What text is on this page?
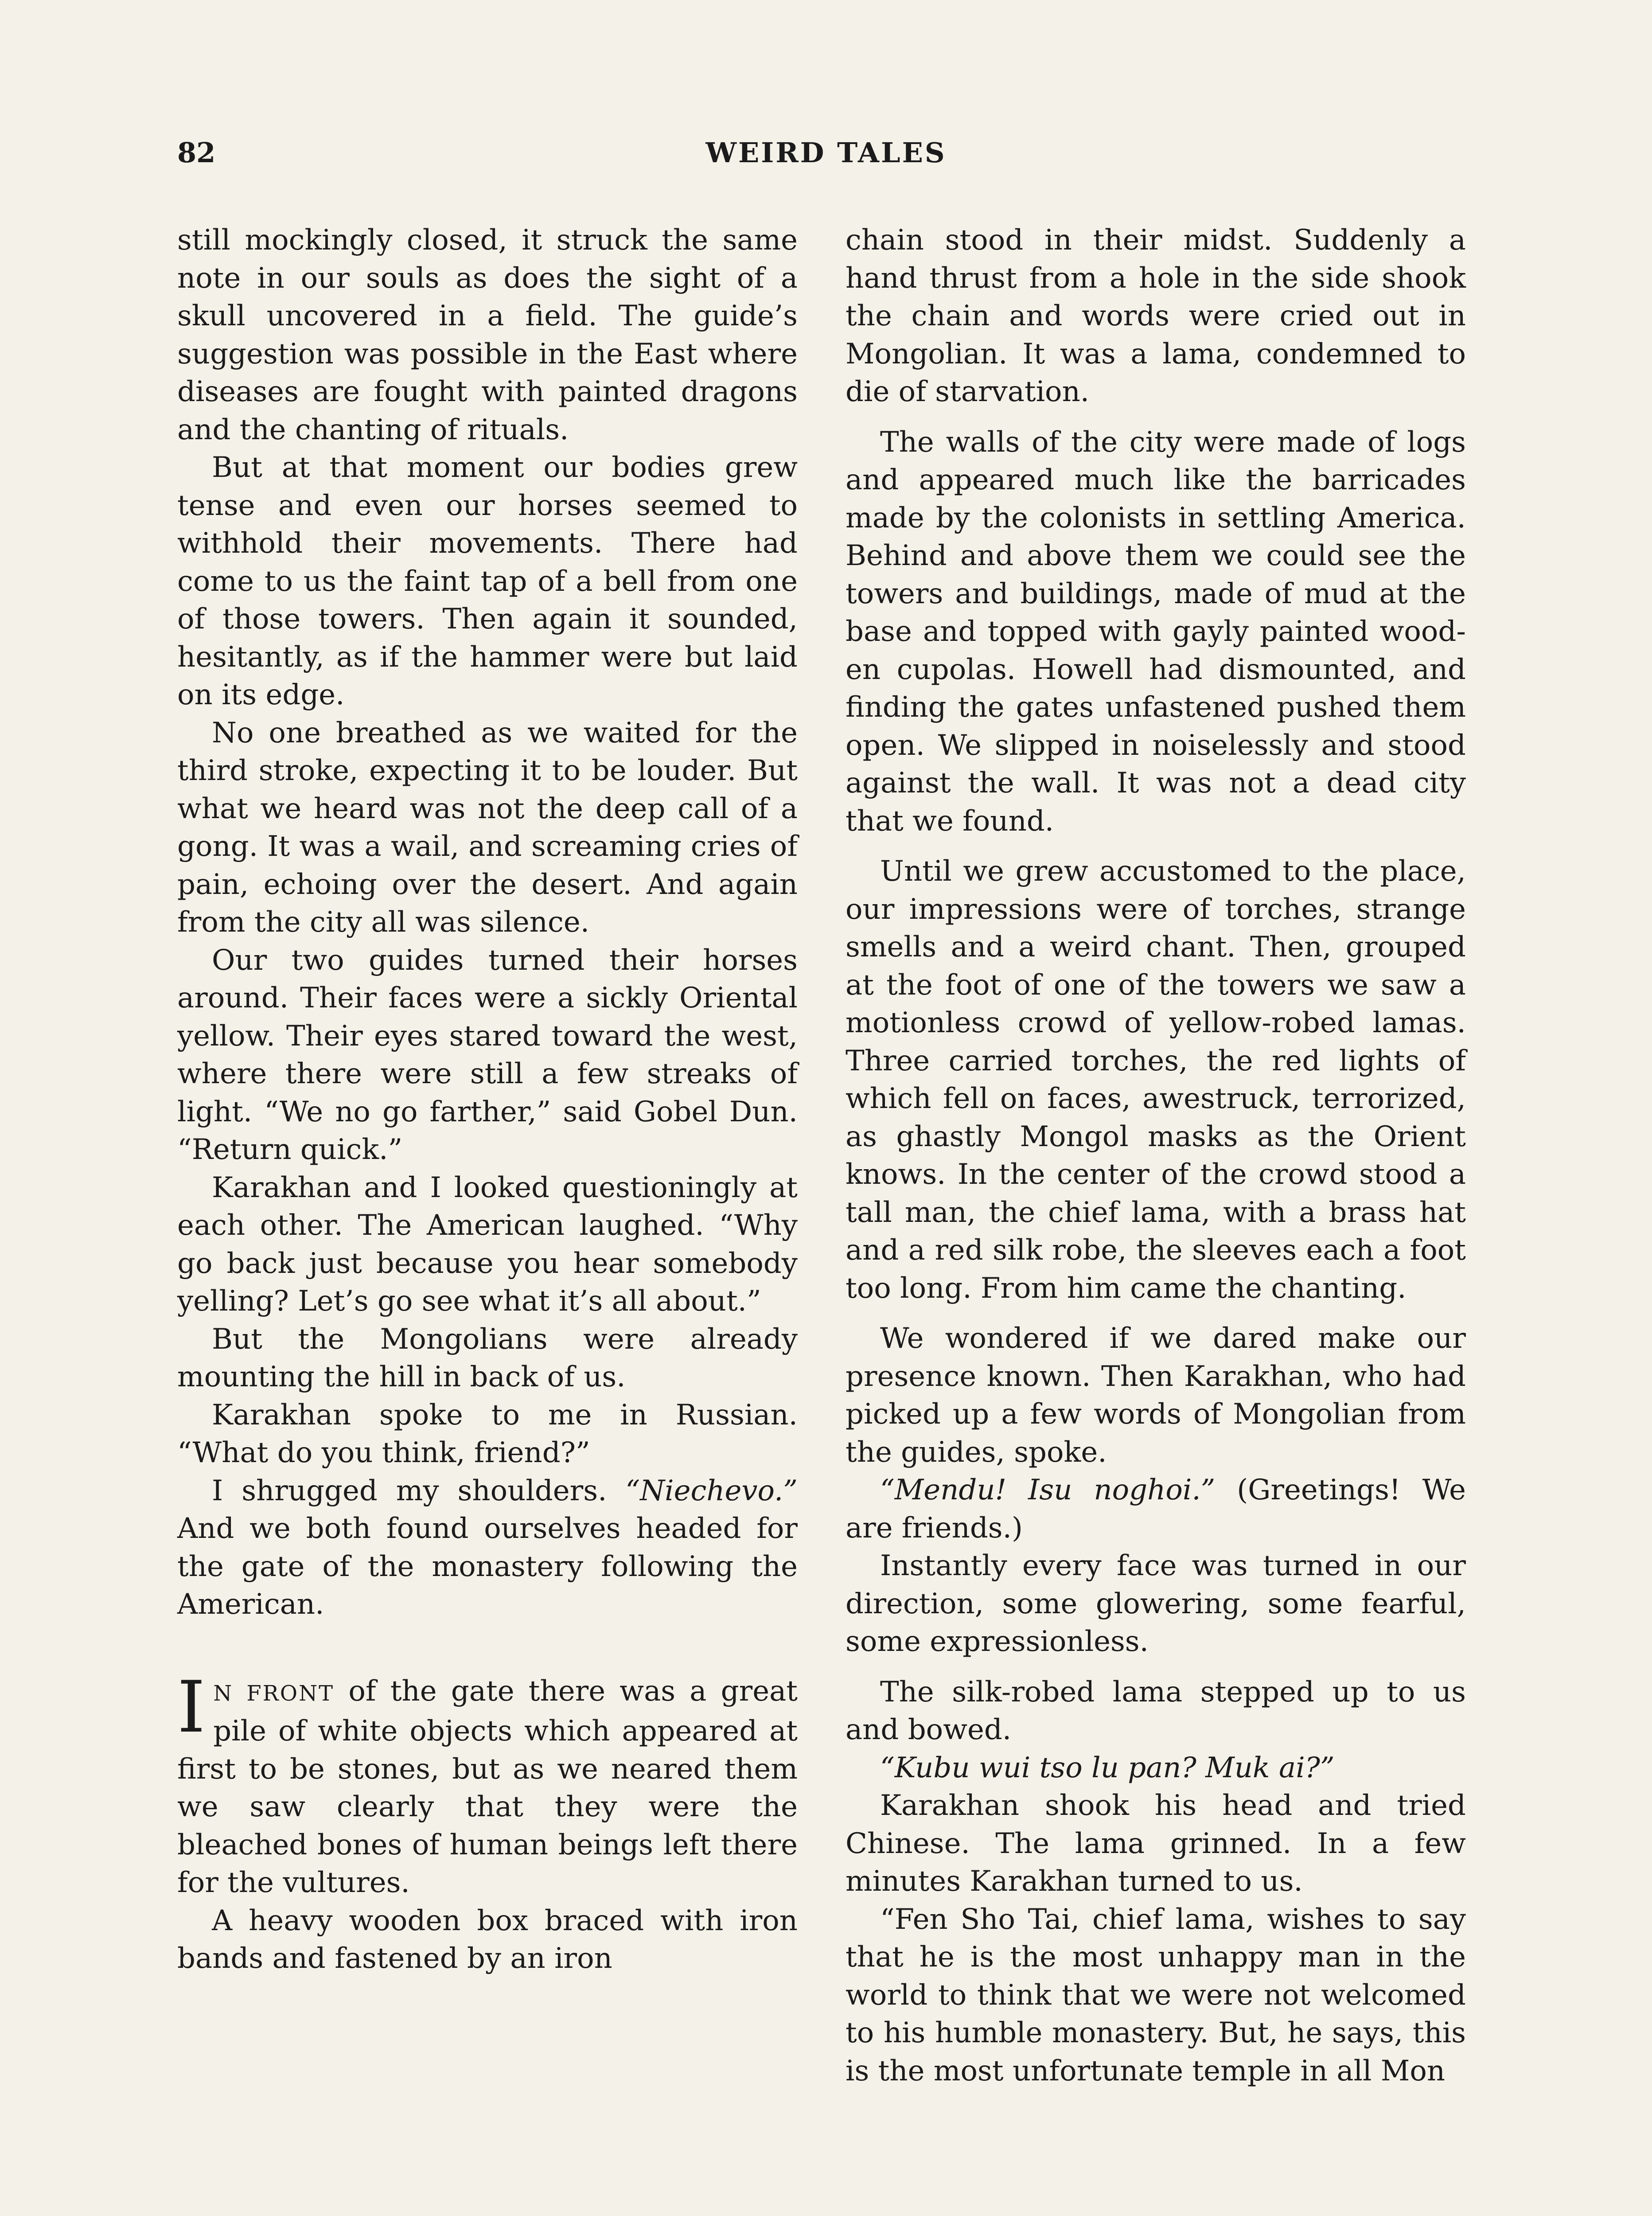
82	WEIRD TALES

still mockingly closed, it struck the same note in our souls as does the sight of a skull uncovered in a field. The guide’s suggestion was possible in the East where diseases are fought with painted dragons and the chanting of rituals.

But at that moment our bodies grew tense and even our horses seemed to withhold their movements. There had come to us the faint tap of a bell from one of those towers. Then again it sounded, hesitantly, as if the hammer were but laid on its edge.

No one breathed as we waited for the third stroke, expecting it to be louder. But what we heard was not the deep call of a gong. It was a wail, and screaming cries of pain, echoing over the desert. And again from the city all was silence.

Our two guides turned their horses around. Their faces were a sickly Oriental yellow. Their eyes stared toward the west, where there were still a few streaks of light. “We no go farther,” said Gobel Dun. “Return quick.”

Karakhan and I looked questioningly at each other. The American laughed. “Why go back just because you hear somebody yelling? Let’s go see what it’s all about.”

But the Mongolians were already mounting the hill in back of us.

Karakhan spoke to me in Russian. “What do you think, friend?”

I shrugged my shoulders. “Niechevo.” And we both found ourselves headed for the gate of the monastery following the American.

IN FRONT of the gate there was a great pile of white objects which appeared at first to be stones, but as we neared them we saw clearly that they were the bleached bones of human beings left there for the vultures.

A heavy wooden box braced with iron bands and fastened by an iron

chain stood in their midst. Suddenly a hand thrust from a hole in the side shook the chain and words were cried out in Mongolian. It was a lama, condemned to die of starvation.

The walls of the city were made of logs and appeared much like the barricades made by the colonists in settling America. Behind and above them we could see the towers and buildings, made of mud at the base and topped with gayly painted wooden cupolas. Howell had dismounted, and finding the gates unfastened pushed them open. We slipped in noiselessly and stood against the wall. It was not a dead city that we found.

Until we grew accustomed to the place, our impressions were of torches, strange smells and a weird chant. Then, grouped at the foot of one of the towers we saw a motionless crowd of yellow-robed lamas. Three carried torches, the red lights of which fell on faces, awestruck, terrorized, as ghastly Mongol masks as the Orient knows. In the center of the crowd stood a tall man, the chief lama, with a brass hat and a red silk robe, the sleeves each a foot too long. From him came the chanting.

We wondered if we dared make our presence known. Then Karakhan, who had picked up a few words of Mongolian from the guides, spoke.

“Mendu! Isu noghoi.” (Greetings! We are friends.)

Instantly every face was turned in our direction, some glowering, some fearful, some expressionless.

The silk-robed lama stepped up to us and bowed.

“Kubu wui tso lu pan? Muk ai?”

Karakhan shook his head and tried Chinese. The lama grinned. In a few minutes Karakhan turned to us.

“Fen Sho Tai, chief lama, wishes to say that he is the most unhappy man in the world to think that we were not welcomed to his humble monastery. But, he says, this is the most unfortunate temple in all Mon
